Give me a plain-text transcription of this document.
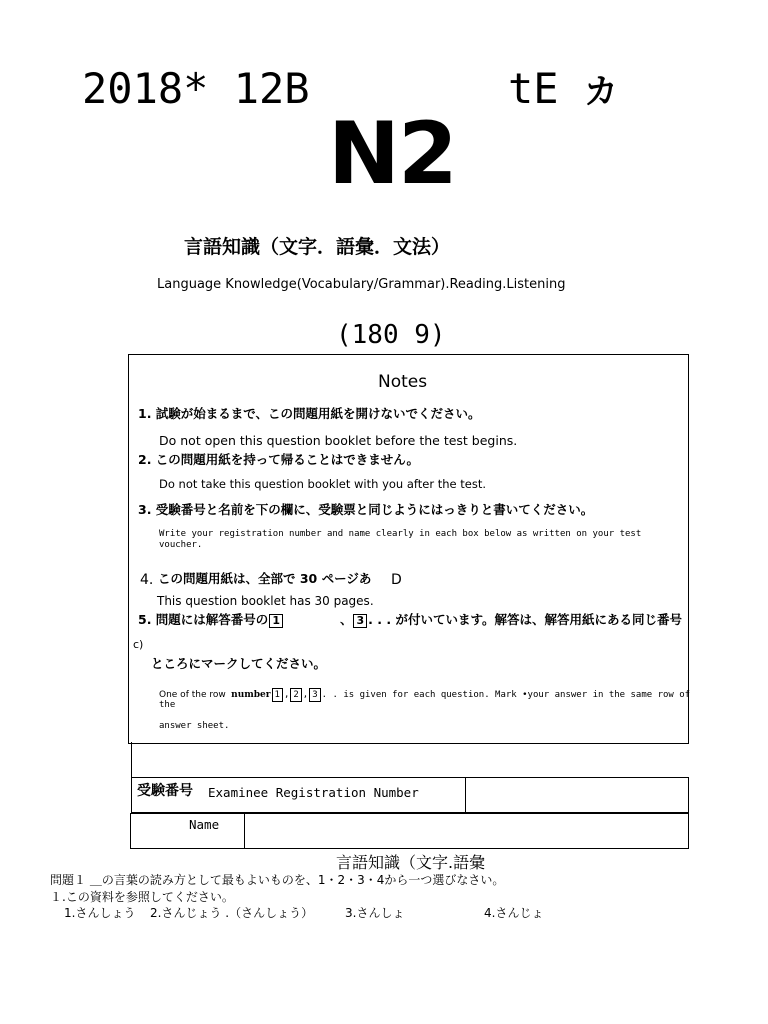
2018* 12B	tE カ
N2
言語知識（文字．語彙．文法）
Language Knowledge(Vocabulary/Grammar).Reading.Listening
(180 9)
Notes
1. 試験が始まるまで、この問題用紙を開けないでください。
Do not open this question booklet before the test begins.
2. この問題用紙を持って帰ることはできません。
Do not take this question booklet with you after the test.
3. 受験番号と名前を下の欄に、受験票と同じようにはっきりと書いてください。
Write your registration number and name clearly in each box below as written on your test
voucher.
4. この問題用紙は、全部で 30 ページあ D
This question booklet has 30 pages.
5. 問題には解答番号の 1	、 3 . . . が付いています。解答は、解答用紙にある同じ番号
c)
ところにマークしてください。
One of the row number 1 , 2 , 3 . . is given for each question. Mark •your answer in the same row of
the
answer sheet.
受験番号 Examinee Registration Number
Name
言語知識（文字.語彙
問題１ ＿の言葉の読み方として最もよいものを、1・2・3・4から一つ選びなさい。
１.この資料を参照してください。
1.さんしょう 2.さんじょう .（さんしょう）	3.さんしょ	4.さんじょ
